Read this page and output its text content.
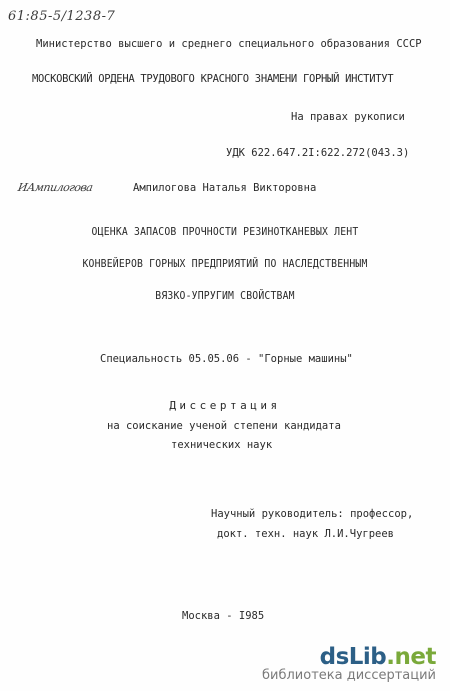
61:85-5/1238-7
Министерство высшего и среднего специального образования СССР
МОСКОВСКИЙ ОРДЕНА ТРУДОВОГО КРАСНОГО ЗНАМЕНИ ГОРНЫЙ ИНСТИТУТ
На правах рукописи
УДК 622.647.2I:622.272(043.3)
ИАмпилогова	Ампилогова Наталья Викторовна
ОЦЕНКА ЗАПАСОВ ПРОЧНОСТИ РЕЗИНОТКАНЕВЫХ ЛЕНТ
КОНВЕЙЕРОВ ГОРНЫХ ПРЕДПРИЯТИЙ ПО НАСЛЕДСТВЕННЫМ
ВЯЗКО-УПРУГИМ СВОЙСТВАМ
Специальность 05.05.06 - "Горные машины"
Диссертация
на соискание ученой степени кандидата
технических наук
Научный руководитель: профессор,
докт. техн. наук Л.И.Чугреев
Москва - I985
dsLib.net
библиотека диссертаций
